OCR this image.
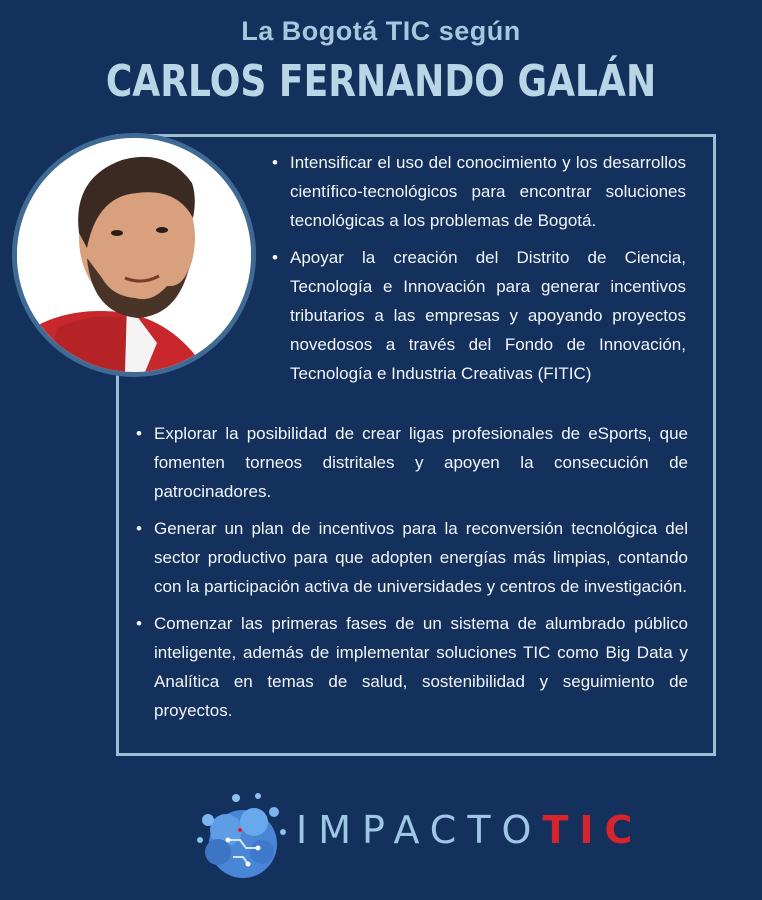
La Bogotá TIC según
CARLOS FERNANDO GALÁN
• Intensificar el uso del conocimiento y los desarrollos científico-tecnológicos para encontrar soluciones tecnológicas a los problemas de Bogotá.
• Apoyar la creación del Distrito de Ciencia, Tecnología e Innovación para generar incentivos tributarios a las empresas y apoyando proyectos novedosos a través del Fondo de Innovación, Tecnología e Industria Creativas (FITIC)
• Explorar la posibilidad de crear ligas profesionales de eSports, que fomenten torneos distritales y apoyen la consecución de patrocinadores.
• Generar un plan de incentivos para la reconversión tecnológica del sector productivo para que adopten energías más limpias, contando con la participación activa de universidades y centros de investigación.
• Comenzar las primeras fases de un sistema de alumbrado público inteligente, además de implementar soluciones TIC como Big Data y Analítica en temas de salud, sostenibilidad y seguimiento de proyectos.
IMPACTOTIC
